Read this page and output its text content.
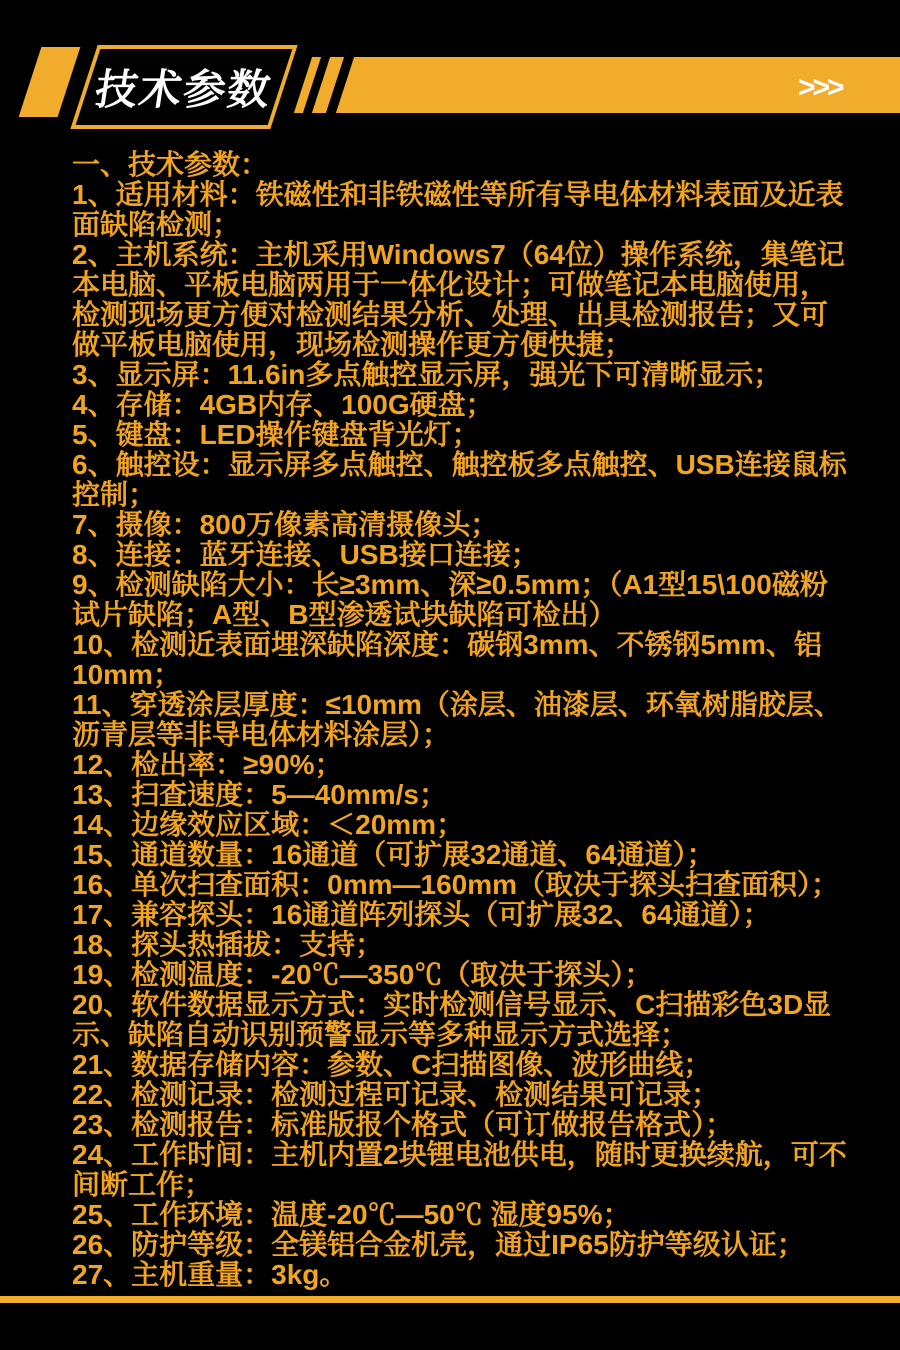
技术参数	>>>

一、技术参数：

1、适用材料：铁磁性和非铁磁性等所有导电体材料表面及近表面缺陷检测；

2、主机系统：主机采用Windows7（64位）操作系统，集笔记本电脑、平板电脑两用于一体化设计；可做笔记本电脑使用，检测现场更方便对检测结果分析、处理、出具检测报告；又可做平板电脑使用，现场检测操作更方便快捷；

3、显示屏：11.6in多点触控显示屏，强光下可清晰显示；

4、存储：4GB内存、100G硬盘；

5、键盘：LED操作键盘背光灯；

6、触控设：显示屏多点触控、触控板多点触控、USB连接鼠标控制；

7、摄像：800万像素高清摄像头；

8、连接：蓝牙连接、USB接口连接；

9、检测缺陷大小：长≥3mm、深≥0.5mm；（A1型15\100磁粉试片缺陷；A型、B型渗透试块缺陷可检出）

10、检测近表面埋深缺陷深度：碳钢3mm、不锈钢5mm、铝10mm；

11、穿透涂层厚度：≤10mm（涂层、油漆层、环氧树脂胶层、沥青层等非导电体材料涂层）；

12、检出率：≥90%；

13、扫查速度：5—40mm/s；

14、边缘效应区域：＜20mm；

15、通道数量：16通道（可扩展32通道、64通道）；

16、单次扫查面积：0mm—160mm（取决于探头扫查面积）；

17、兼容探头：16通道阵列探头（可扩展32、64通道）；

18、探头热插拔：支持；

19、检测温度：-20℃—350℃（取决于探头）；

20、软件数据显示方式：实时检测信号显示、C扫描彩色3D显示、缺陷自动识别预警显示等多种显示方式选择；

21、数据存储内容：参数、C扫描图像、波形曲线；

22、检测记录：检测过程可记录、检测结果可记录；

23、检测报告：标准版报个格式（可订做报告格式）；

24、工作时间：主机内置2块锂电池供电，随时更换续航，可不间断工作；

25、工作环境：温度-20℃—50℃ 湿度95%；

26、防护等级：全镁铝合金机壳，通过IP65防护等级认证；

27、主机重量：3kg。
